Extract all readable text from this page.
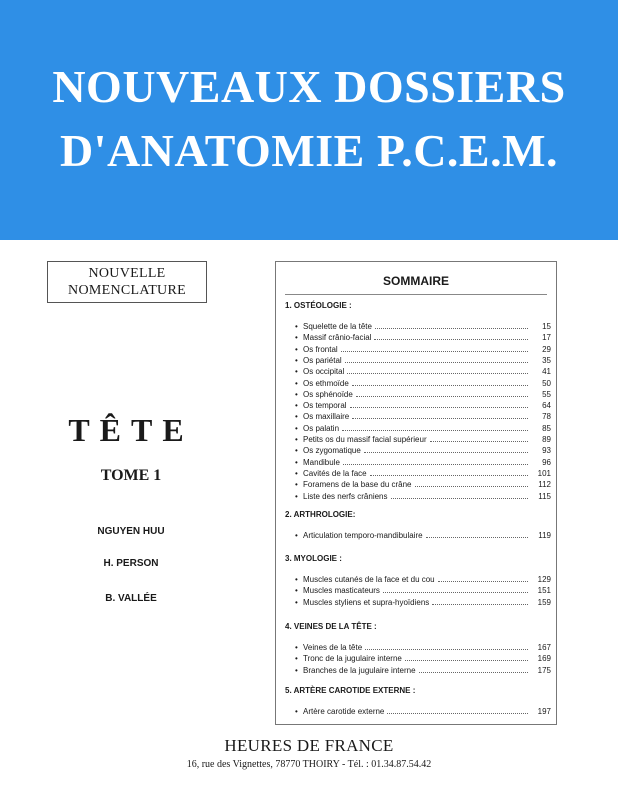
NOUVEAUX DOSSIERS
D'ANATOMIE P.C.E.M.
NOUVELLE
NOMENCLATURE
TÊTE
TOME 1
NGUYEN HUU
H. PERSON
B. VALLÉE
SOMMAIRE
1. OSTÉOLOGIE :
• Squelette de la tête	15
• Massif crânio-facial	17
• Os frontal	29
• Os pariétal	35
• Os occipital	41
• Os ethmoïde	50
• Os sphénoïde	55
• Os temporal	64
• Os maxillaire	78
• Os palatin	85
• Petits os du massif facial supérieur	89
• Os zygomatique	93
• Mandibule	96
• Cavités de la face	101
• Foramens de la base du crâne	112
• Liste des nerfs crâniens	115
2. ARTHROLOGIE:
• Articulation temporo-mandibulaire	119
3. MYOLOGIE :
• Muscles cutanés de la face et du cou	129
• Muscles masticateurs	151
• Muscles styliens et supra-hyoïdiens	159
4. VEINES DE LA TÊTE :
• Veines de la tête	167
• Tronc de la jugulaire interne	169
• Branches de la jugulaire interne	175
5. ARTÈRE CAROTIDE EXTERNE :
• Artère carotide externe	197
HEURES DE FRANCE
16, rue des Vignettes, 78770 THOIRY - Tél. : 01.34.87.54.42
